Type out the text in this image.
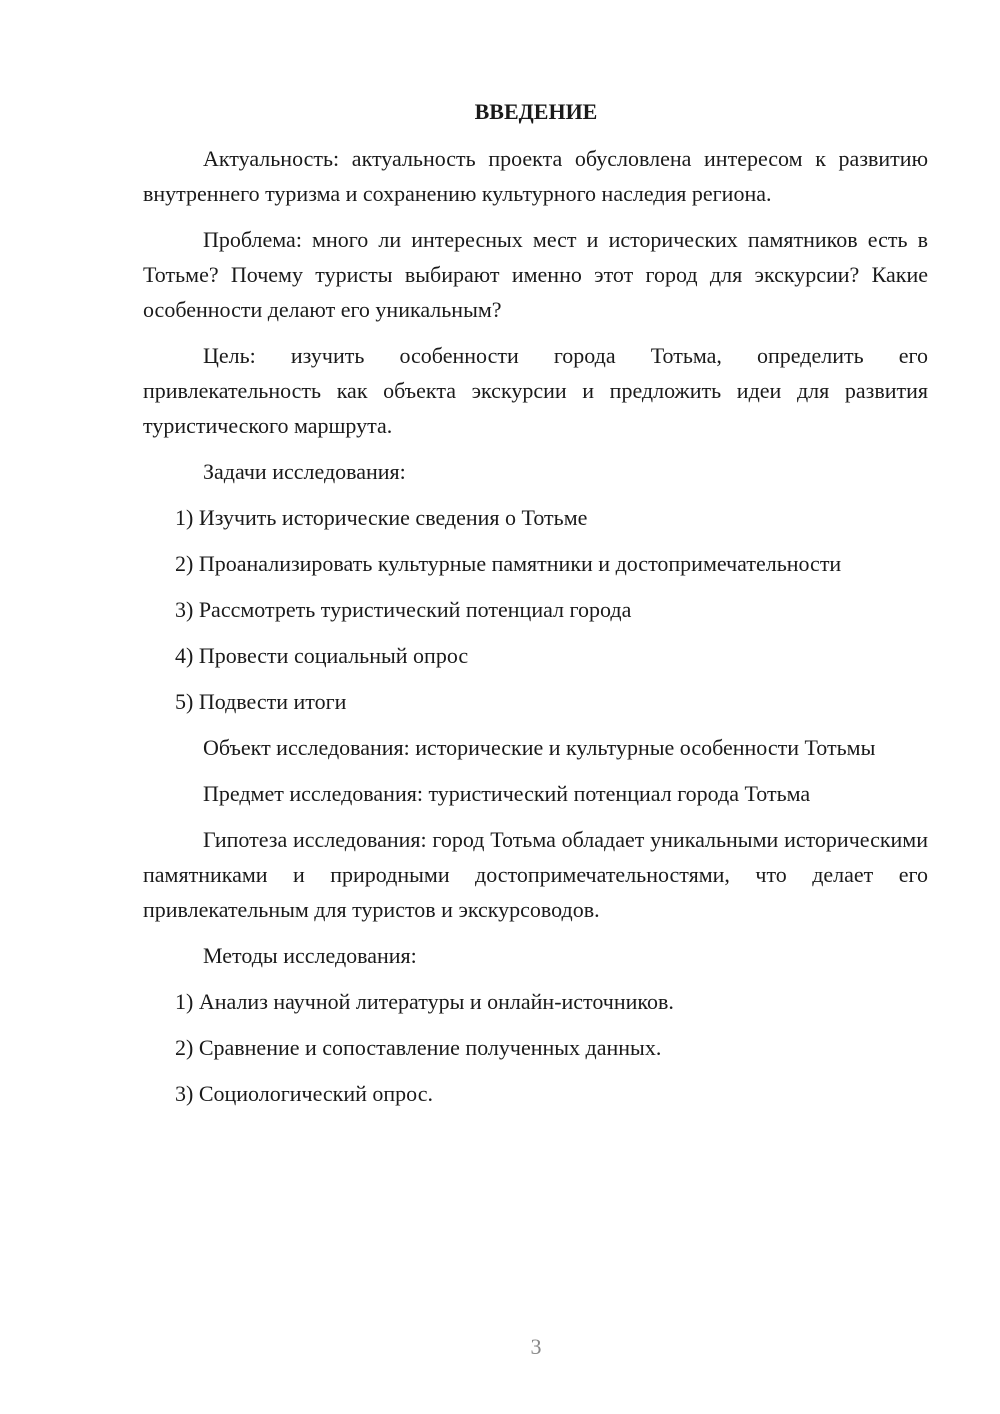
ВВЕДЕНИЕ

Актуальность: актуальность проекта обусловлена интересом к развитию внутреннего туризма и сохранению культурного наследия региона.

Проблема: много ли интересных мест и исторических памятников есть в Тотьме? Почему туристы выбирают именно этот город для экскурсии? Какие особенности делают его уникальным?

Цель: изучить особенности города Тотьма, определить его привлекательность как объекта экскурсии и предложить идеи для развития туристического маршрута.

Задачи исследования:

1) Изучить исторические сведения о Тотьме

2) Проанализировать культурные памятники и достопримечательности

3) Рассмотреть туристический потенциал города

4) Провести социальный опрос

5) Подвести итоги

Объект исследования: исторические и культурные особенности Тотьмы

Предмет исследования: туристический потенциал города Тотьма

Гипотеза исследования: город Тотьма обладает уникальными историческими памятниками и природными достопримечательностями, что делает его привлекательным для туристов и экскурсоводов.

Методы исследования:

1) Анализ научной литературы и онлайн-источников.

2) Сравнение и сопоставление полученных данных.

3) Социологический опрос.

3
